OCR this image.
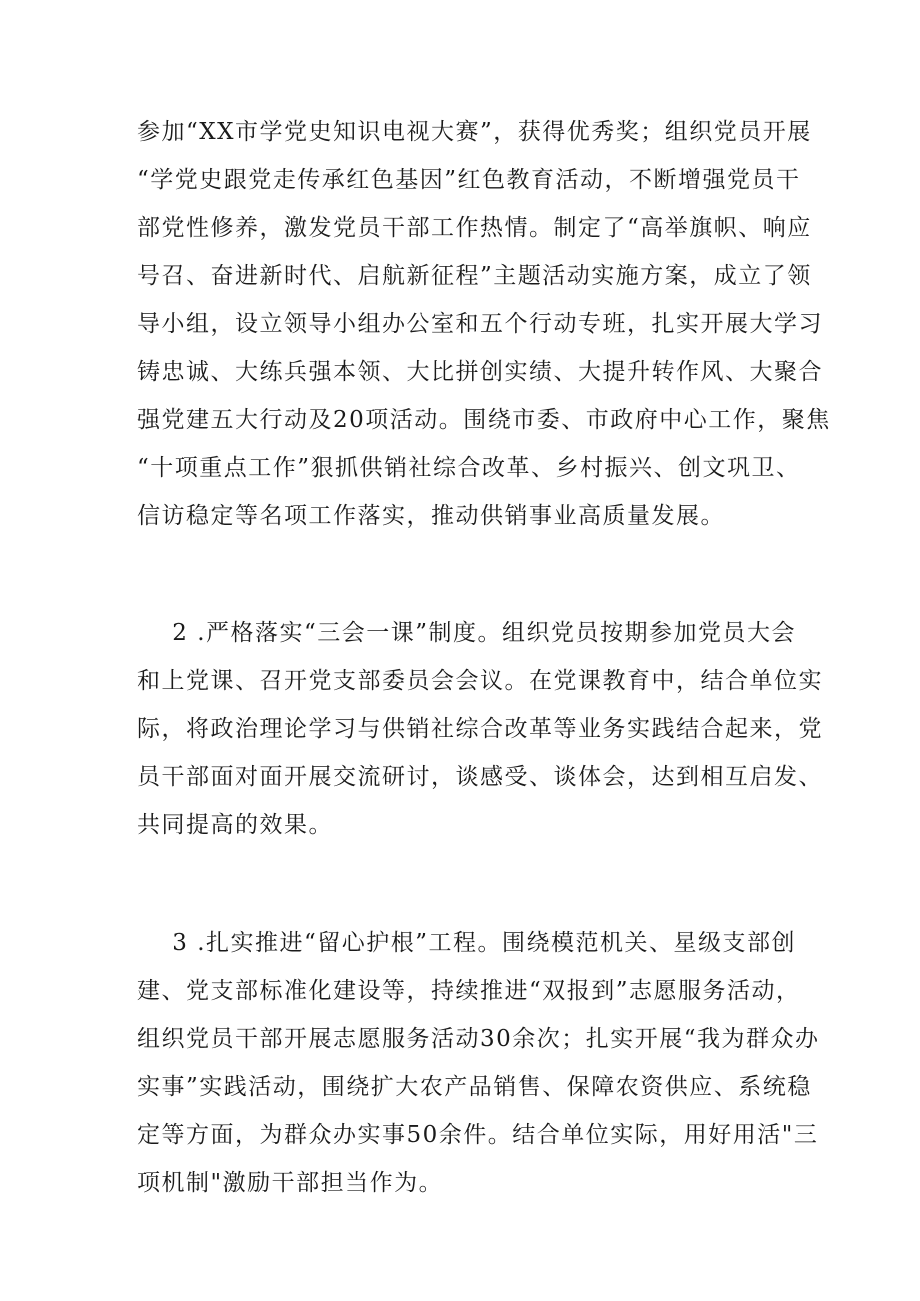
参加“XX市学党史知识电视大赛”，获得优秀奖；组织党员开展
“学党史跟党走传承红色基因”红色教育活动，不断增强党员干
部党性修养，激发党员干部工作热情。制定了“高举旗帜、响应
号召、奋进新时代、启航新征程”主题活动实施方案，成立了领
导小组，设立领导小组办公室和五个行动专班，扎实开展大学习
铸忠诚、大练兵强本领、大比拼创实绩、大提升转作风、大聚合
强党建五大行动及20项活动。围绕市委、市政府中心工作，聚焦
“十项重点工作”狠抓供销社综合改革、乡村振兴、创文巩卫、
信访稳定等名项工作落实，推动供销事业高质量发展。
2 .严格落实“三会一课”制度。组织党员按期参加党员大会
和上党课、召开党支部委员会会议。在党课教育中，结合单位实
际，将政治理论学习与供销社综合改革等业务实践结合起来，党
员干部面对面开展交流研讨，谈感受、谈体会，达到相互启发、
共同提高的效果。
3 .扎实推进“留心护根”工程。围绕模范机关、星级支部创
建、党支部标准化建设等，持续推进“双报到”志愿服务活动，
组织党员干部开展志愿服务活动30余次；扎实开展“我为群众办
实事”实践活动，围绕扩大农产品销售、保障农资供应、系统稳
定等方面，为群众办实事50余件。结合单位实际，用好用活"三
项机制"激励干部担当作为。
